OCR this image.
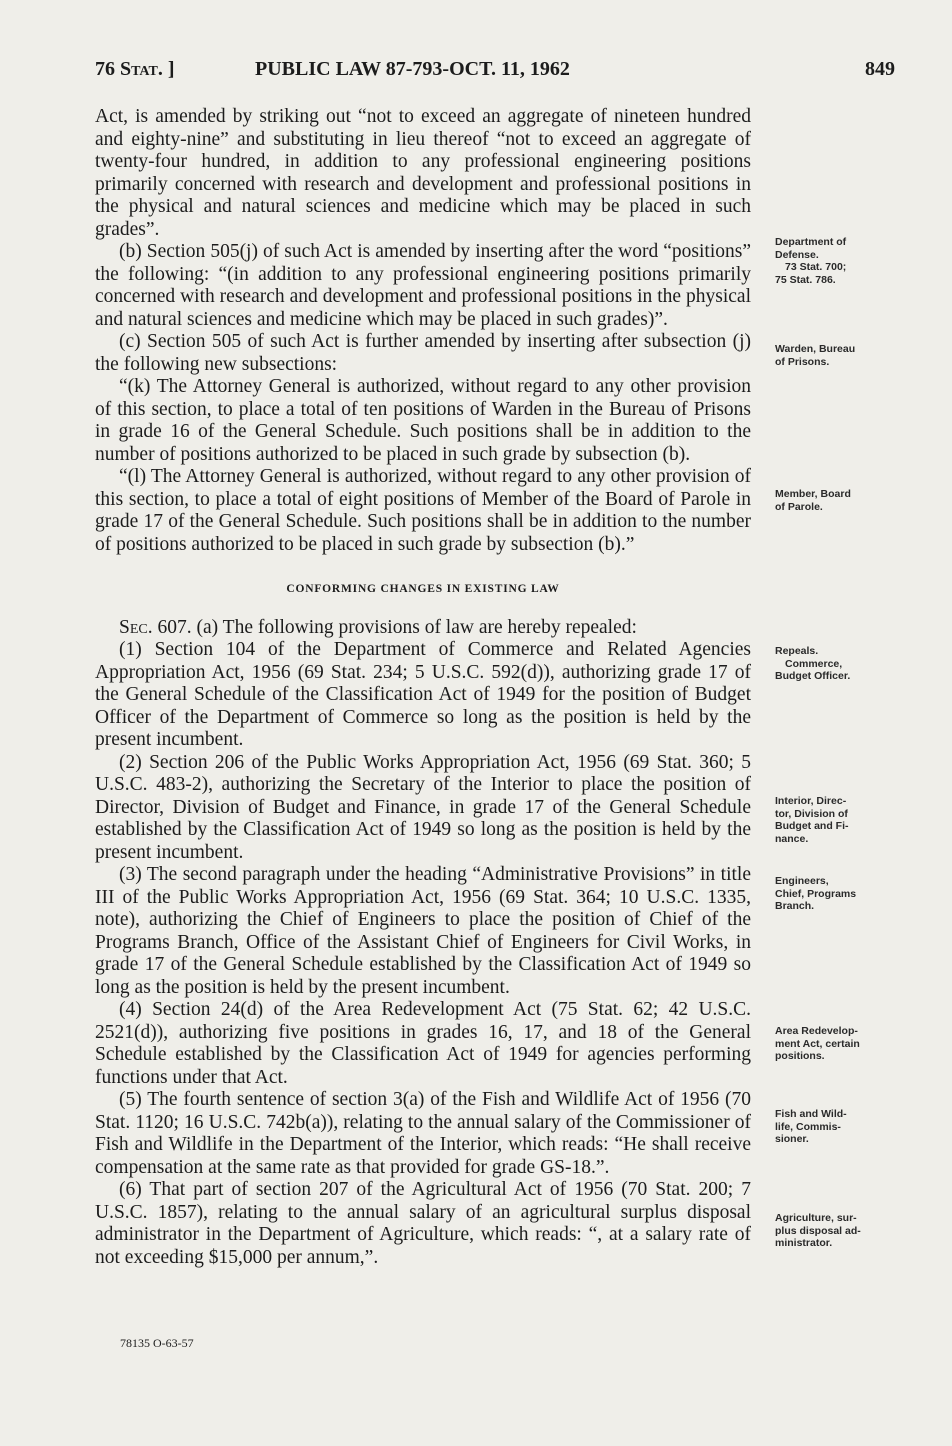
76 Stat. ]	PUBLIC LAW 87-793-OCT. 11, 1962	849

Act, is amended by striking out “not to exceed an aggregate of nineteen hundred and eighty-nine” and substituting in lieu thereof “not to exceed an aggregate of twenty-four hundred, in addition to any professional engineering positions primarily concerned with research and development and professional positions in the physical and natural sciences and medicine which may be placed in such grades”.

(b) Section 505(j) of such Act is amended by inserting after the word “positions” the following: “(in addition to any professional engineering positions primarily concerned with research and development and professional positions in the physical and natural sciences and medicine which may be placed in such grades)”.

(c) Section 505 of such Act is further amended by inserting after subsection (j) the following new subsections:

“(k) The Attorney General is authorized, without regard to any other provision of this section, to place a total of ten positions of Warden in the Bureau of Prisons in grade 16 of the General Schedule. Such positions shall be in addition to the number of positions authorized to be placed in such grade by subsection (b).

“(l) The Attorney General is authorized, without regard to any other provision of this section, to place a total of eight positions of Member of the Board of Parole in grade 17 of the General Schedule. Such positions shall be in addition to the number of positions authorized to be placed in such grade by subsection (b).”

CONFORMING CHANGES IN EXISTING LAW

Sec. 607. (a) The following provisions of law are hereby repealed:

(1) Section 104 of the Department of Commerce and Related Agencies Appropriation Act, 1956 (69 Stat. 234; 5 U.S.C. 592(d)), authorizing grade 17 of the General Schedule of the Classification Act of 1949 for the position of Budget Officer of the Department of Commerce so long as the position is held by the present incumbent.

(2) Section 206 of the Public Works Appropriation Act, 1956 (69 Stat. 360; 5 U.S.C. 483-2), authorizing the Secretary of the Interior to place the position of Director, Division of Budget and Finance, in grade 17 of the General Schedule established by the Classification Act of 1949 so long as the position is held by the present incumbent.

(3) The second paragraph under the heading “Administrative Provisions” in title III of the Public Works Appropriation Act, 1956 (69 Stat. 364; 10 U.S.C. 1335, note), authorizing the Chief of Engineers to place the position of Chief of the Programs Branch, Office of the Assistant Chief of Engineers for Civil Works, in grade 17 of the General Schedule established by the Classification Act of 1949 so long as the position is held by the present incumbent.

(4) Section 24(d) of the Area Redevelopment Act (75 Stat. 62; 42 U.S.C. 2521(d)), authorizing five positions in grades 16, 17, and 18 of the General Schedule established by the Classification Act of 1949 for agencies performing functions under that Act.

(5) The fourth sentence of section 3(a) of the Fish and Wildlife Act of 1956 (70 Stat. 1120; 16 U.S.C. 742b(a)), relating to the annual salary of the Commissioner of Fish and Wildlife in the Department of the Interior, which reads: “He shall receive compensation at the same rate as that provided for grade GS-18.”.

(6) That part of section 207 of the Agricultural Act of 1956 (70 Stat. 200; 7 U.S.C. 1857), relating to the annual salary of an agricultural surplus disposal administrator in the Department of Agriculture, which reads: “, at a salary rate of not exceeding $15,000 per annum,”.

Department of
Defense.

73 Stat. 700;
75 Stat. 786.
Warden, Bureau
of Prisons.
Member, Board
of Parole.
Repeals.

Commerce,
Budget Officer.
Interior, Direc-
tor, Division of
Budget and Fi-
nance.
Engineers,
Chief, Programs
Branch.
Area Redevelop-
ment Act, certain
positions.
Fish and Wild-
life, Commis-
sioner.
Agriculture, sur-
plus disposal ad-
ministrator.
78135 O-63-57
